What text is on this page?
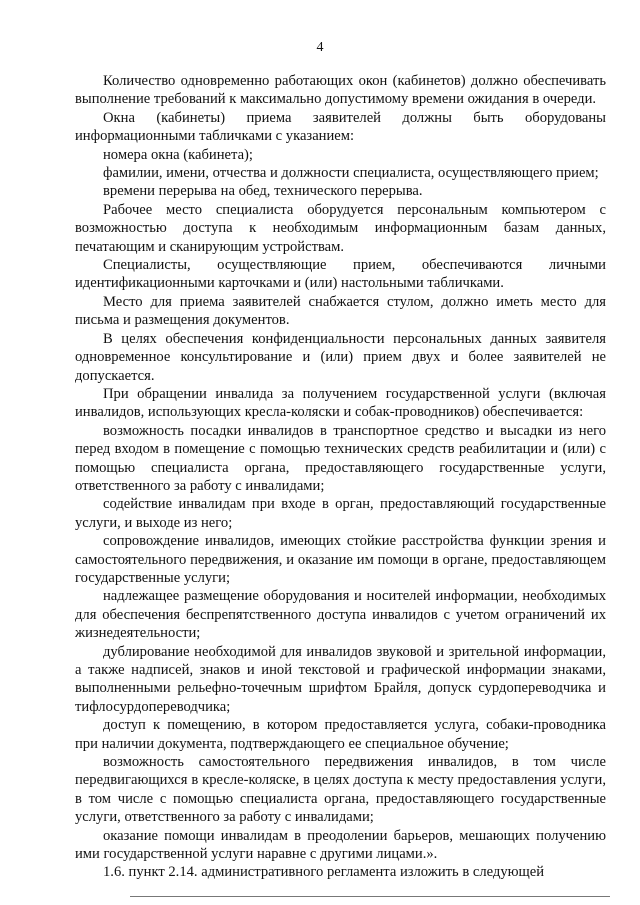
4

Количество одновременно работающих окон (кабинетов) должно обеспечивать выполнение требований к максимально допустимому времени ожидания в очереди.

Окна (кабинеты) приема заявителей должны быть оборудованы информационными табличками с указанием:

номера окна (кабинета);

фамилии, имени, отчества и должности специалиста, осуществляющего прием;

времени перерыва на обед, технического перерыва.

Рабочее место специалиста оборудуется персональным компьютером с возможностью доступа к необходимым информационным базам данных, печатающим и сканирующим устройствам.

Специалисты, осуществляющие прием, обеспечиваются личными идентификационными карточками и (или) настольными табличками.

Место для приема заявителей снабжается стулом, должно иметь место для письма и размещения документов.

В целях обеспечения конфиденциальности персональных данных заявителя одновременное консультирование и (или) прием двух и более заявителей не допускается.

При обращении инвалида за получением государственной услуги (включая инвалидов, использующих кресла-коляски и собак-проводников) обеспечивается:

возможность посадки инвалидов в транспортное средство и высадки из него перед входом в помещение с помощью технических средств реабилитации и (или) с помощью специалиста органа, предоставляющего государственные услуги, ответственного за работу с инвалидами;

содействие инвалидам при входе в орган, предоставляющий государственные услуги, и выходе из него;

сопровождение инвалидов, имеющих стойкие расстройства функции зрения и самостоятельного передвижения, и оказание им помощи в органе, предоставляющем государственные услуги;

надлежащее размещение оборудования и носителей информации, необходимых для обеспечения беспрепятственного доступа инвалидов с учетом ограничений их жизнедеятельности;

дублирование необходимой для инвалидов звуковой и зрительной информации, а также надписей, знаков и иной текстовой и графической информации знаками, выполненными рельефно-точечным шрифтом Брайля, допуск сурдопереводчика и тифлосурдопереводчика;

доступ к помещению, в котором предоставляется услуга, собаки-проводника при наличии документа, подтверждающего ее специальное обучение;

возможность самостоятельного передвижения инвалидов, в том числе передвигающихся в кресле-коляске, в целях доступа к месту предоставления услуги, в том числе с помощью специалиста органа, предоставляющего государственные услуги, ответственного за работу с инвалидами;

оказание помощи инвалидам в преодолении барьеров, мешающих получению ими государственной услуги наравне с другими лицами.».

1.6. пункт 2.14. административного регламента изложить в следующей
